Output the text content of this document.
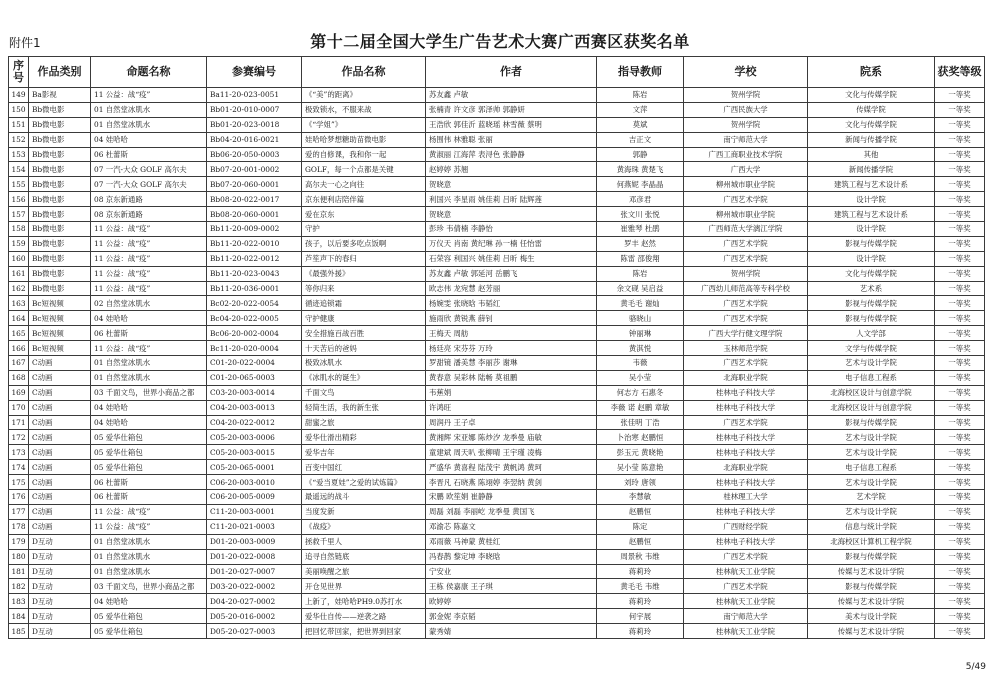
附件1	第十二届全国大学生广告艺术大赛广西赛区获奖名单
序号	作品类别	命题名称	参赛编号	作品名称	作者	指导教师	学校	院系	获奖等级
149	Ba影视	11 公益：战“疫”	Ba11-20-023-0051	《“美”的距离》	苏友鑫 卢敏	陈岩	贺州学院	文化与传媒学院	一等奖
150	Bb微电影	01 自然堂冰肌水	Bb01-20-010-0007	极致锁水，不服来战	张楠青 许文彦 郭泽帅 郭静妍	文萍	广西民族大学	传媒学院	一等奖
151	Bb微电影	01 自然堂冰肌水	Bb01-20-023-0018	《“学姐”》	王浩欣 郭佳沂 蓝晓瑶 林雪薇 蔡明	莫斌	贺州学院	文化与传媒学院	一等奖
152	Bb微电影	04 娃哈哈	Bb04-20-016-0021	娃哈哈梦想糖助苗微电影	杨围伟 林雅聪 张丽	吉正文	南宁师范大学	新闻与传播学院	一等奖
153	Bb微电影	06 杜蕾斯	Bb06-20-050-0003	爱的自修课，我和你一起	黄淑丽 江海萍 表浔色 张静静	郭静	广西工商职业技术学院	其他	一等奖
154	Bb微电影	07 一汽-大众 GOLF 高尔夫	Bb07-20-001-0002	GOLF，每一个点都是关键	赵婷婷 苏翘	黄海珠 黄楚飞	广西大学	新闻传播学院	一等奖
155	Bb微电影	07 一汽-大众 GOLF 高尔夫	Bb07-20-060-0001	高尔夫一心之向往	贺晓意	何燕妮 李晶晶	柳州城市职业学院	建筑工程与艺术设计系	一等奖
156	Bb微电影	08 京东新通路	Bb08-20-022-0017	京东便利店陪伴篇	利国兴 李星雨 姚佳莉 吕昕 陆辉莲	邓彦君	广西艺术学院	设计学院	一等奖
157	Bb微电影	08 京东新通路	Bb08-20-060-0001	爱在京东	贺晓意	张文川 张悦	柳州城市职业学院	建筑工程与艺术设计系	一等奖
158	Bb微电影	11 公益：战“疫”	Bb11-20-009-0002	守护	彭珍 韦倩楠 李静怡	崔雅琴 杜鹃	广西师范大学漓江学院	设计学院	一等奖
159	Bb微电影	11 公益：战“疫”	Bb11-20-022-0010	孩子，以后要多吃点饭啊	万仪天 肖南 黄纪琳 孙一楠 任怡雷	罗丰 赵然	广西艺术学院	影视与传媒学院	一等奖
160	Bb微电影	11 公益：战“疫”	Bb11-20-022-0012	芦笙声下的春归	石荣容 利国兴 姚佳莉 吕昕 梅生	陈雷 邵俊翔	广西艺术学院	设计学院	一等奖
161	Bb微电影	11 公益：战“疫”	Bb11-20-023-0043	《最强外援》	苏友鑫 卢敏 郭延河 岳鹏飞	陈岩	贺州学院	文化与传媒学院	一等奖
162	Bb微电影	11 公益：战“疫”	Bb11-20-036-0001	等你归来	欧志伟 龙宛慧 赵芳丽	余文砚 吴启益	广西幼儿师范高等专科学校	艺术系	一等奖
163	Bc短视频	02 自然堂冰肌水	Bc02-20-022-0054	循迹追锁霜	杨婉雯 张晓晗 韦韬红	黄毛毛 谢灿	广西艺术学院	影视与传媒学院	一等奖
164	Bc短视频	04 娃哈哈	Bc04-20-022-0005	守护健康	施雨欣 黄锐燕 薛钊	骆晓山	广西艺术学院	影视与传媒学院	一等奖
165	Bc短视频	06 杜蕾斯	Bc06-20-002-0004	安全措施百战百胜	王梅天 周舫	钟丽琳	广西大学行健文理学院	人文学部	一等奖
166	Bc短视频	11 公益：战“疫”	Bc11-20-020-0004	十天苦后的爸妈	杨廷亮 宋芬芬 万玲	黄淇悦	玉林师范学院	文学与传媒学院	一等奖
167	C动画	01 自然堂冰肌水	C01-20-022-0004	极致冰肌水	罗甜镜 潘美慧 李丽莎 谢琳	韦薇	广西艺术学院	艺术与设计学院	一等奖
168	C动画	01 自然堂冰肌水	C01-20-065-0003	《冰肌水的诞生》	黄春意 吴彩林 陆畅 莫祖鹏	吴小莹	北海职业学院	电子信息工程系	一等奖
169	C动画	03 千面文鸟，世界小商品之都	C03-20-003-0014	千面文鸟	韦蕉娟	何志方 石惠冬	桂林电子科技大学	北海校区设计与创意学院	一等奖
170	C动画	04 娃哈哈	C04-20-003-0013	轻简生活，我的新生张	许鸿旺	李薇 诺 赵鹏 章敏	桂林电子科技大学	北海校区设计与创意学院	一等奖
171	C动画	04 娃哈哈	C04-20-022-0012	甜蜜之旅	周润丹 王子卓	张佳明 丁浩	广西艺术学院	影视与传媒学院	一等奖
172	C动画	05 爱华仕箱包	C05-20-003-0006	爱华仕滑出精彩	黄湘辉 宋亚娜 陈炒汐 龙季曼 庙敏	卜治寒 赵鹏恒	桂林电子科技大学	艺术与设计学院	一等奖
173	C动画	05 爱华仕箱包	C05-20-003-0015	爱华吉年	童建斌 周天叭 张柳晴 王宇瑾 凌梅	彭玉元 黄晓艳	桂林电子科技大学	艺术与设计学院	一等奖
174	C动画	05 爱华仕箱包	C05-20-065-0001	百变中国红	严盛华 黄喜程 陆茂宇 黄帆鸿 黄珂	吴小莹 陈意艳	北海职业学院	电子信息工程系	一等奖
175	C动画	06 杜蕾斯	C06-20-003-0010	《“爱当夏娃”之爱的试炼篇》	李晋凡 石晓燕 陈翊婷 李翌纳 黄剑	刘玲 唐领	桂林电子科技大学	艺术与设计学院	一等奖
176	C动画	06 杜蕾斯	C06-20-005-0009	最遥远的战斗	宋鹏 欧笙娟 崔静静	李慧敏	桂林理工大学	艺术学院	一等奖
177	C动画	11 公益：战“疫”	C11-20-003-0001	当度发新	周磊 刘磊 李丽屹 龙季曼 黄国飞	赵鹏恒	桂林电子科技大学	艺术与设计学院	一等奖
178	C动画	11 公益：战“疫”	C11-20-021-0003	《战疫》	邓渝芯 陈嘉文	陈定	广西财经学院	信息与统计学院	一等奖
179	D互动	01 自然堂冰肌水	D01-20-003-0009	拯救千里人	邓雨薇 马神蒙 黄桂红	赵鹏恒	桂林电子科技大学	北海校区计算机工程学院	一等奖
180	D互动	01 自然堂冰肌水	D01-20-022-0008	追寻自然链底	冯春鹊 黎定坤 李晓晗	周景秋 韦维	广西艺术学院	影视与传媒学院	一等奖
181	D互动	01 自然堂冰肌水	D01-20-027-0007	美丽唤醒之旅	宁安业	蒋莉玲	桂林航天工业学院	传媒与艺术设计学院	一等奖
182	D互动	03 千面文鸟，世界小商品之都	D03-20-022-0002	开仓见世界	王栋 侯嘉康 王子琪	黄毛毛 韦维	广西艺术学院	影视与传媒学院	一等奖
183	D互动	04 娃哈哈	D04-20-027-0002	上新了，娃哈哈PH9.0苏打水	欧婷婷	蒋莉玲	桂林航天工业学院	传媒与艺术设计学院	一等奖
184	D互动	05 爱华仕箱包	D05-20-016-0002	爱华仕自传——逆袭之路	郭金妮 李京韬	何宇展	南宁师范大学	美术与设计学院	一等奖
185	D互动	05 爱华仕箱包	D05-20-027-0003	把回忆带回家，把世界到回家	蒙秀婧	蒋莉玲	桂林航天工业学院	传媒与艺术设计学院	一等奖
5/49
